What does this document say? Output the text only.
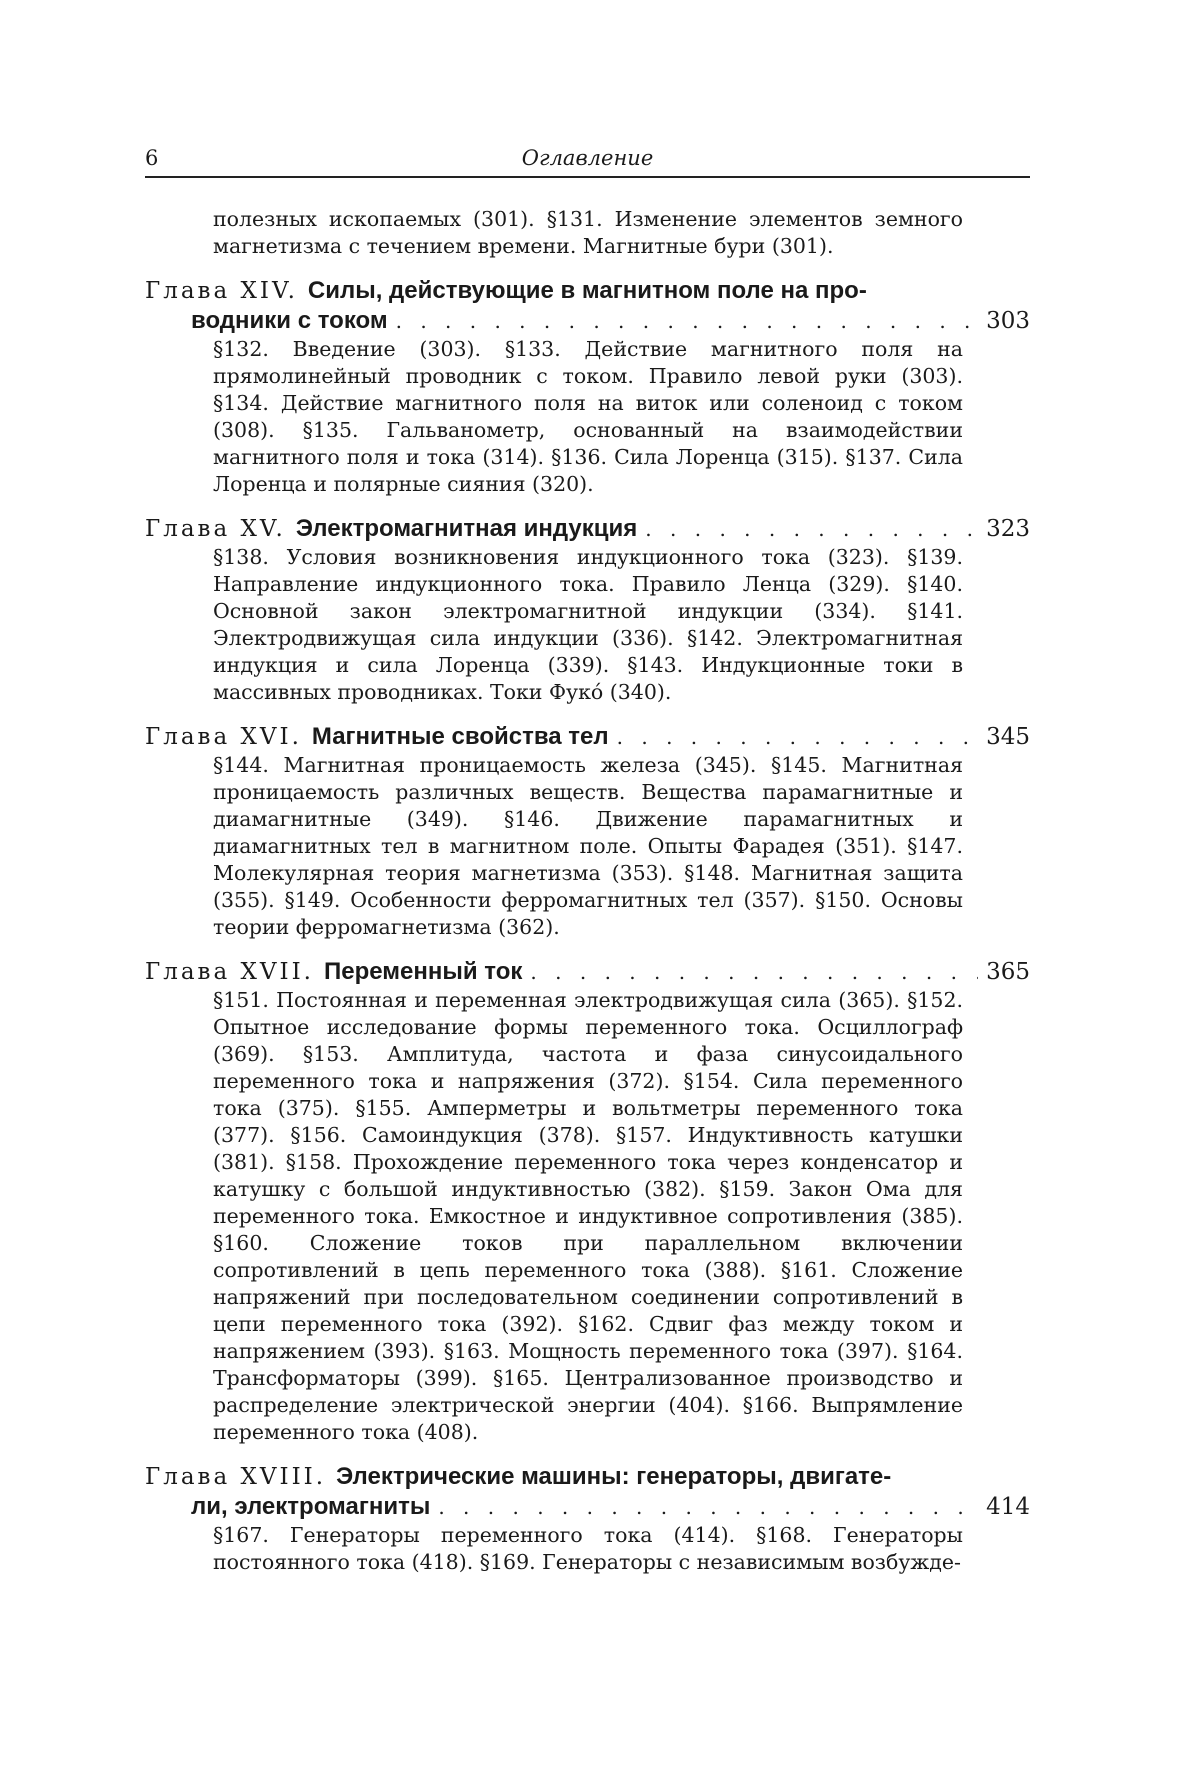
6	Оглавление
полезных ископаемых (301). §131. Изменение элементов земного магнетизма с течением времени. Магнитные бури (301).
Глава XIV. Силы, действующие в магнитном поле на про-
водники с током . . .	303
§132. Введение (303). §133. Действие магнитного поля на прямолинейный проводник с током. Правило левой руки (303). §134. Действие магнитного поля на виток или соленоид с током (308). §135. Гальванометр, основанный на взаимодействии магнитного поля и тока (314). §136. Сила Лоренца (315). §137. Сила Лоренца и полярные сияния (320).
Глава XV. Электромагнитная индукция . . .	323
§138. Условия возникновения индукционного тока (323). §139. Направление индукционного тока. Правило Ленца (329). §140. Основной закон электромагнитной индукции (334). §141. Электродвижущая сила индукции (336). §142. Электромагнитная индукция и сила Лоренца (339). §143. Индукционные токи в массивных проводниках. Токи Фуко́ (340).
Глава XVI. Магнитные свойства тел . . .	345
§144. Магнитная проницаемость железа (345). §145. Магнитная проницаемость различных веществ. Вещества парамагнитные и диамагнитные (349). §146. Движение парамагнитных и диамагнитных тел в магнитном поле. Опыты Фарадея (351). §147. Молекулярная теория магнетизма (353). §148. Магнитная защита (355). §149. Особенности ферромагнитных тел (357). §150. Основы теории ферромагнетизма (362).
Глава XVII. Переменный ток . . .	365
§151. Постоянная и переменная электродвижущая сила (365). §152. Опытное исследование формы переменного тока. Осциллограф (369). §153. Амплитуда, частота и фаза синусоидального переменного тока и напряжения (372). §154. Сила переменного тока (375). §155. Амперметры и вольтметры переменного тока (377). §156. Самоиндукция (378). §157. Индуктивность катушки (381). §158. Прохождение переменного тока через конденсатор и катушку с большой индуктивностью (382). §159. Закон Ома для переменного тока. Емкостное и индуктивное сопротивления (385). §160. Сложение токов при параллельном включении сопротивлений в цепь переменного тока (388). §161. Сложение напряжений при последовательном соединении сопротивлений в цепи переменного тока (392). §162. Сдвиг фаз между током и напряжением (393). §163. Мощность переменного тока (397). §164. Трансформаторы (399). §165. Централизованное производство и распределение электрической энергии (404). §166. Выпрямление переменного тока (408).
Глава XVIII. Электрические машины: генераторы, двигате-
ли, электромагниты . . .	414
§167. Генераторы переменного тока (414). §168. Генераторы постоянного тока (418). §169. Генераторы с независимым возбужде-
